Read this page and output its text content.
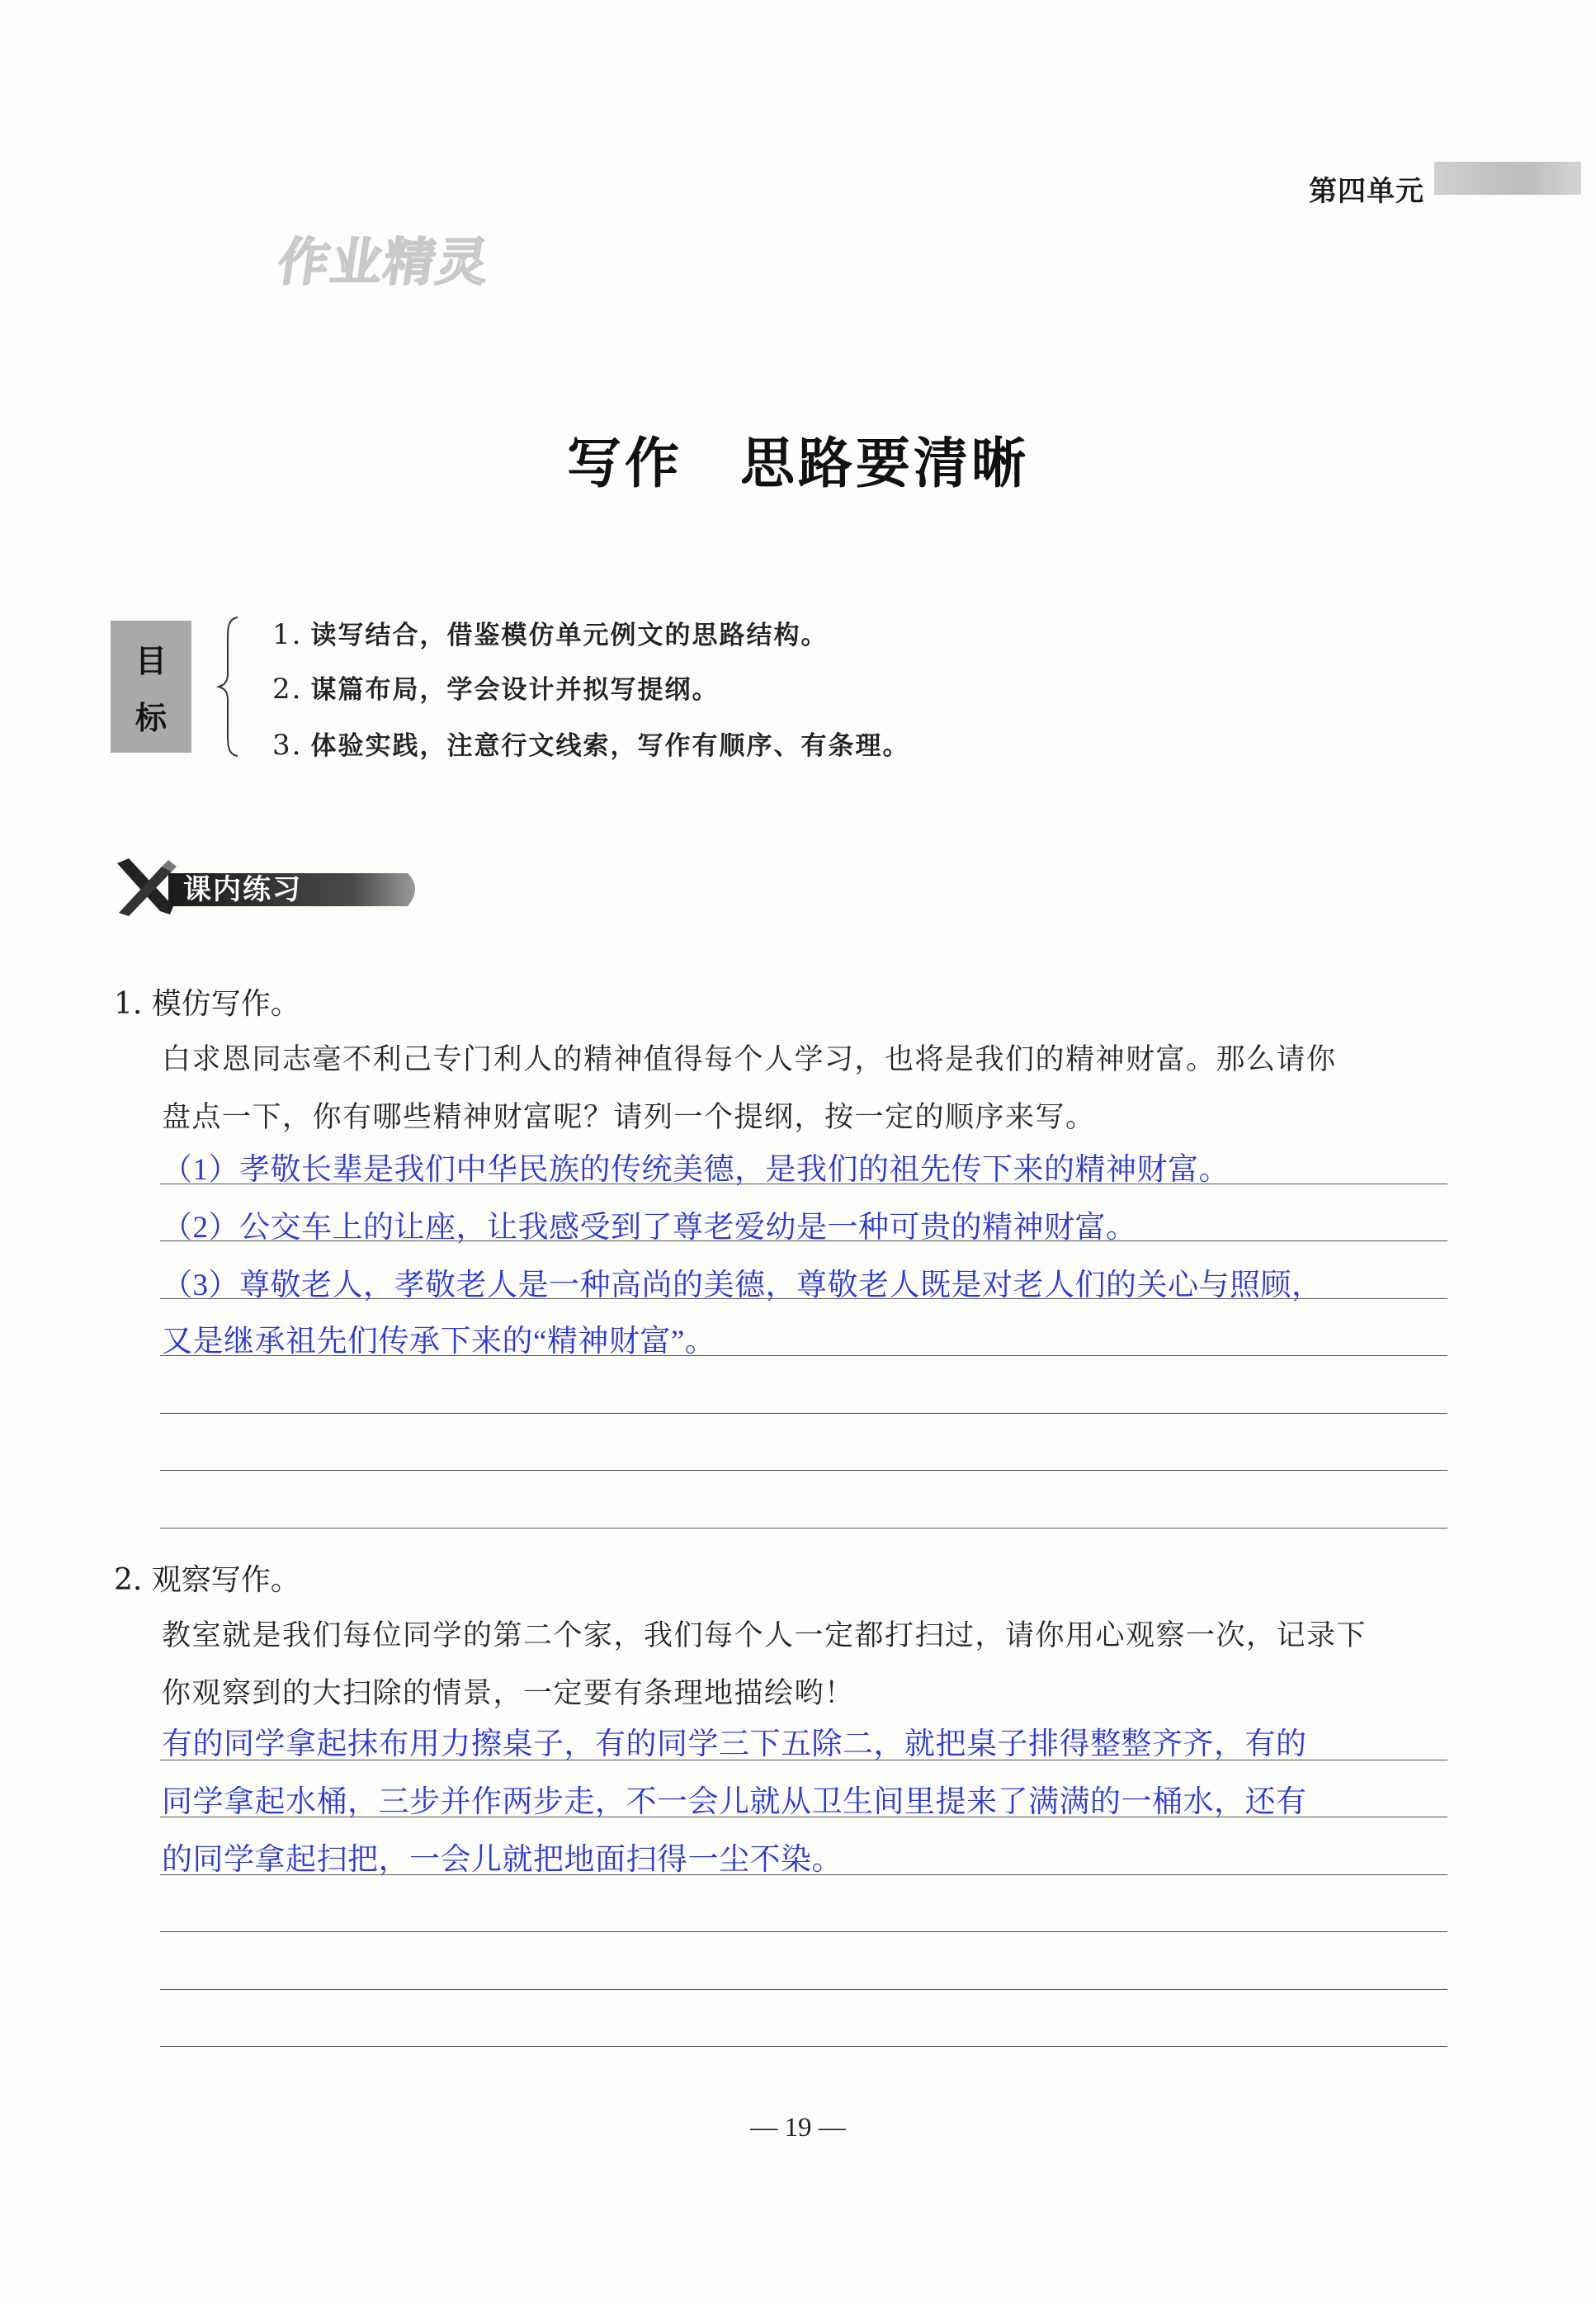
第四单元
作业精灵
写作　思路要清晰
目
标
1. 读写结合，借鉴模仿单元例文的思路结构。
2. 谋篇布局，学会设计并拟写提纲。
3. 体验实践，注意行文线索，写作有顺序、有条理。
课内练习
1. 模仿写作。
白求恩同志毫不利己专门利人的精神值得每个人学习，也将是我们的精神财富。那么请你
盘点一下，你有哪些精神财富呢？请列一个提纲，按一定的顺序来写。
（1）孝敬长辈是我们中华民族的传统美德，是我们的祖先传下来的精神财富。
（2）公交车上的让座，让我感受到了尊老爱幼是一种可贵的精神财富。
（3）尊敬老人，孝敬老人是一种高尚的美德，尊敬老人既是对老人们的关心与照顾，
又是继承祖先们传承下来的“精神财富”。
2. 观察写作。
教室就是我们每位同学的第二个家，我们每个人一定都打扫过，请你用心观察一次，记录下
你观察到的大扫除的情景，一定要有条理地描绘哟！
有的同学拿起抹布用力擦桌子，有的同学三下五除二，就把桌子排得整整齐齐，有的
同学拿起水桶，三步并作两步走，不一会儿就从卫生间里提来了满满的一桶水，还有
的同学拿起扫把，一会儿就把地面扫得一尘不染。
— 19 —
